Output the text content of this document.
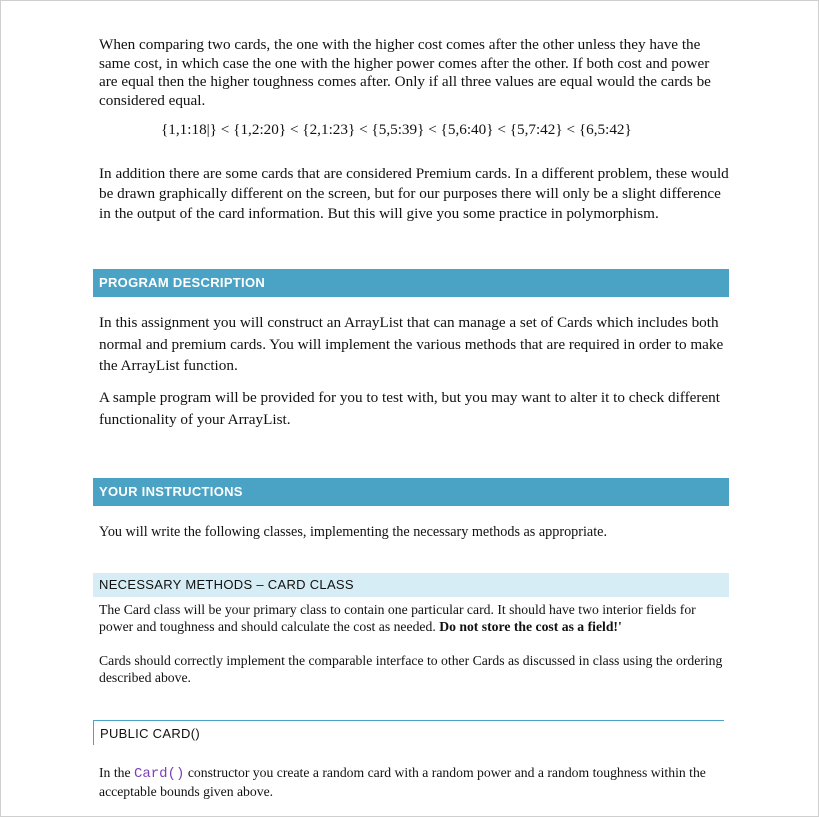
When comparing two cards, the one with the higher cost comes after the other unless they have the same cost, in which case the one with the higher power comes after the other. If both cost and power are equal then the higher toughness comes after. Only if all three values are equal would the cards be considered equal.

{1,1:18|} < {1,2:20} < {2,1:23} < {5,5:39} < {5,6:40} < {5,7:42} < {6,5:42}

In addition there are some cards that are considered Premium cards. In a different problem, these would be drawn graphically different on the screen, but for our purposes there will only be a slight difference in the output of the card information. But this will give you some practice in polymorphism.

PROGRAM DESCRIPTION

In this assignment you will construct an ArrayList that can manage a set of Cards which includes both normal and premium cards. You will implement the various methods that are required in order to make the ArrayList function.

A sample program will be provided for you to test with, but you may want to alter it to check different functionality of your ArrayList.

YOUR INSTRUCTIONS

You will write the following classes, implementing the necessary methods as appropriate.

NECESSARY METHODS – CARD CLASS

The Card class will be your primary class to contain one particular card. It should have two interior fields for power and toughness and should calculate the cost as needed. Do not store the cost as a field!'

Cards should correctly implement the comparable interface to other Cards as discussed in class using the ordering described above.

PUBLIC CARD()

In the Card() constructor you create a random card with a random power and a random toughness within the acceptable bounds given above.
